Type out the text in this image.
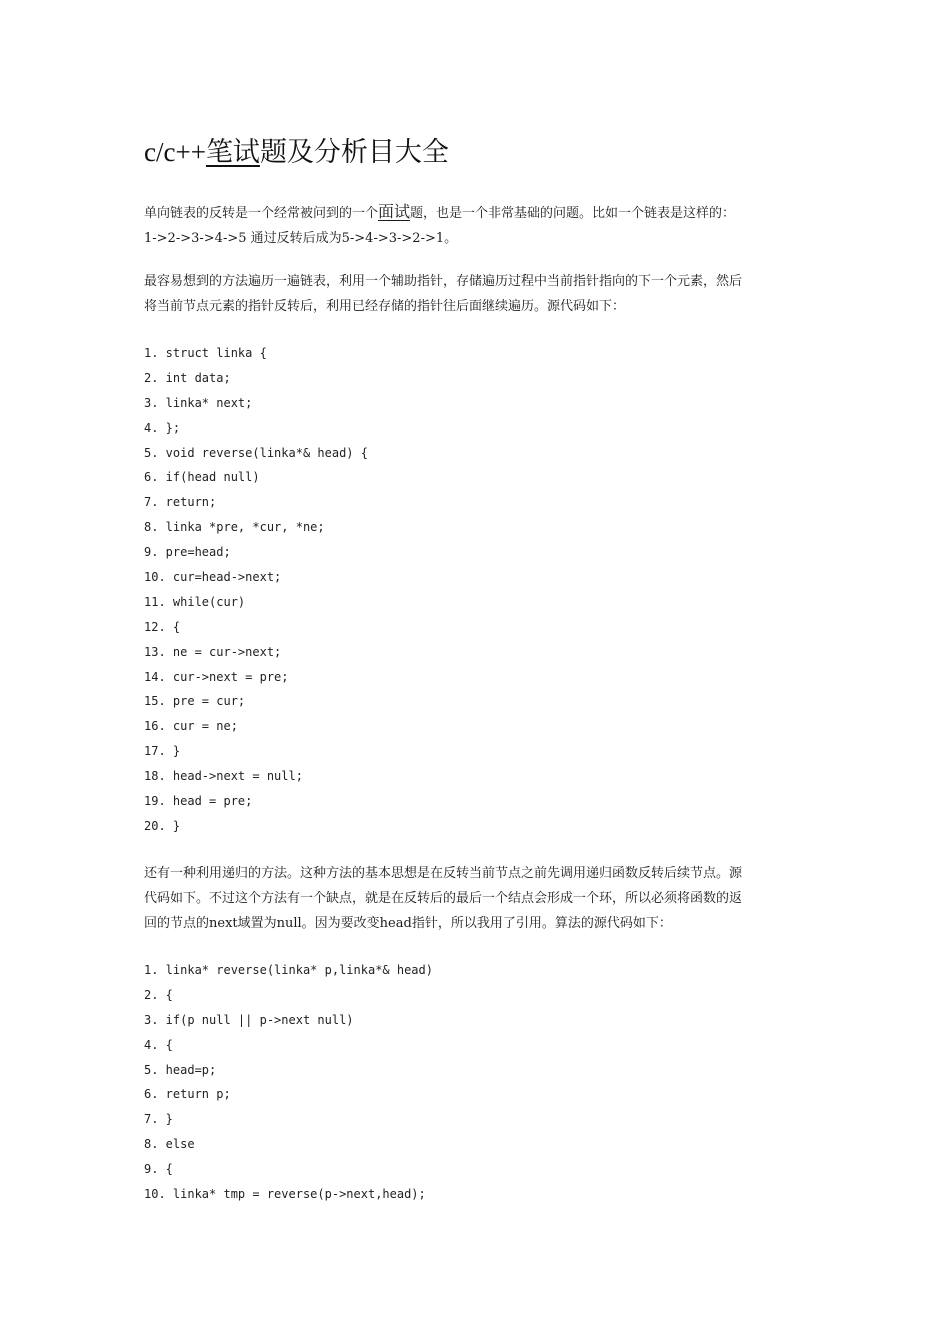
c/c++笔试题及分析目大全
单向链表的反转是一个经常被问到的一个面试题，也是一个非常基础的问题。比如一个链表是这样的：
1->2->3->4->5 通过反转后成为5->4->3->2->1。
最容易想到的方法遍历一遍链表，利用一个辅助指针，存储遍历过程中当前指针指向的下一个元素，然后
将当前节点元素的指针反转后，利用已经存储的指针往后面继续遍历。源代码如下：
1. struct linka {
2. int data;
3. linka* next;
4. };
5. void reverse(linka*& head) {
6. if(head null)
7. return;
8. linka *pre, *cur, *ne;
9. pre=head;
10. cur=head->next;
11. while(cur)
12. {
13. ne = cur->next;
14. cur->next = pre;
15. pre = cur;
16. cur = ne;
17. }
18. head->next = null;
19. head = pre;
20. }
还有一种利用递归的方法。这种方法的基本思想是在反转当前节点之前先调用递归函数反转后续节点。源
代码如下。不过这个方法有一个缺点，就是在反转后的最后一个结点会形成一个环，所以必须将函数的返
回的节点的next域置为null。因为要改变head指针，所以我用了引用。算法的源代码如下：
1. linka* reverse(linka* p,linka*& head)
2. {
3. if(p null || p->next null)
4. {
5. head=p;
6. return p;
7. }
8. else
9. {
10. linka* tmp = reverse(p->next,head);
